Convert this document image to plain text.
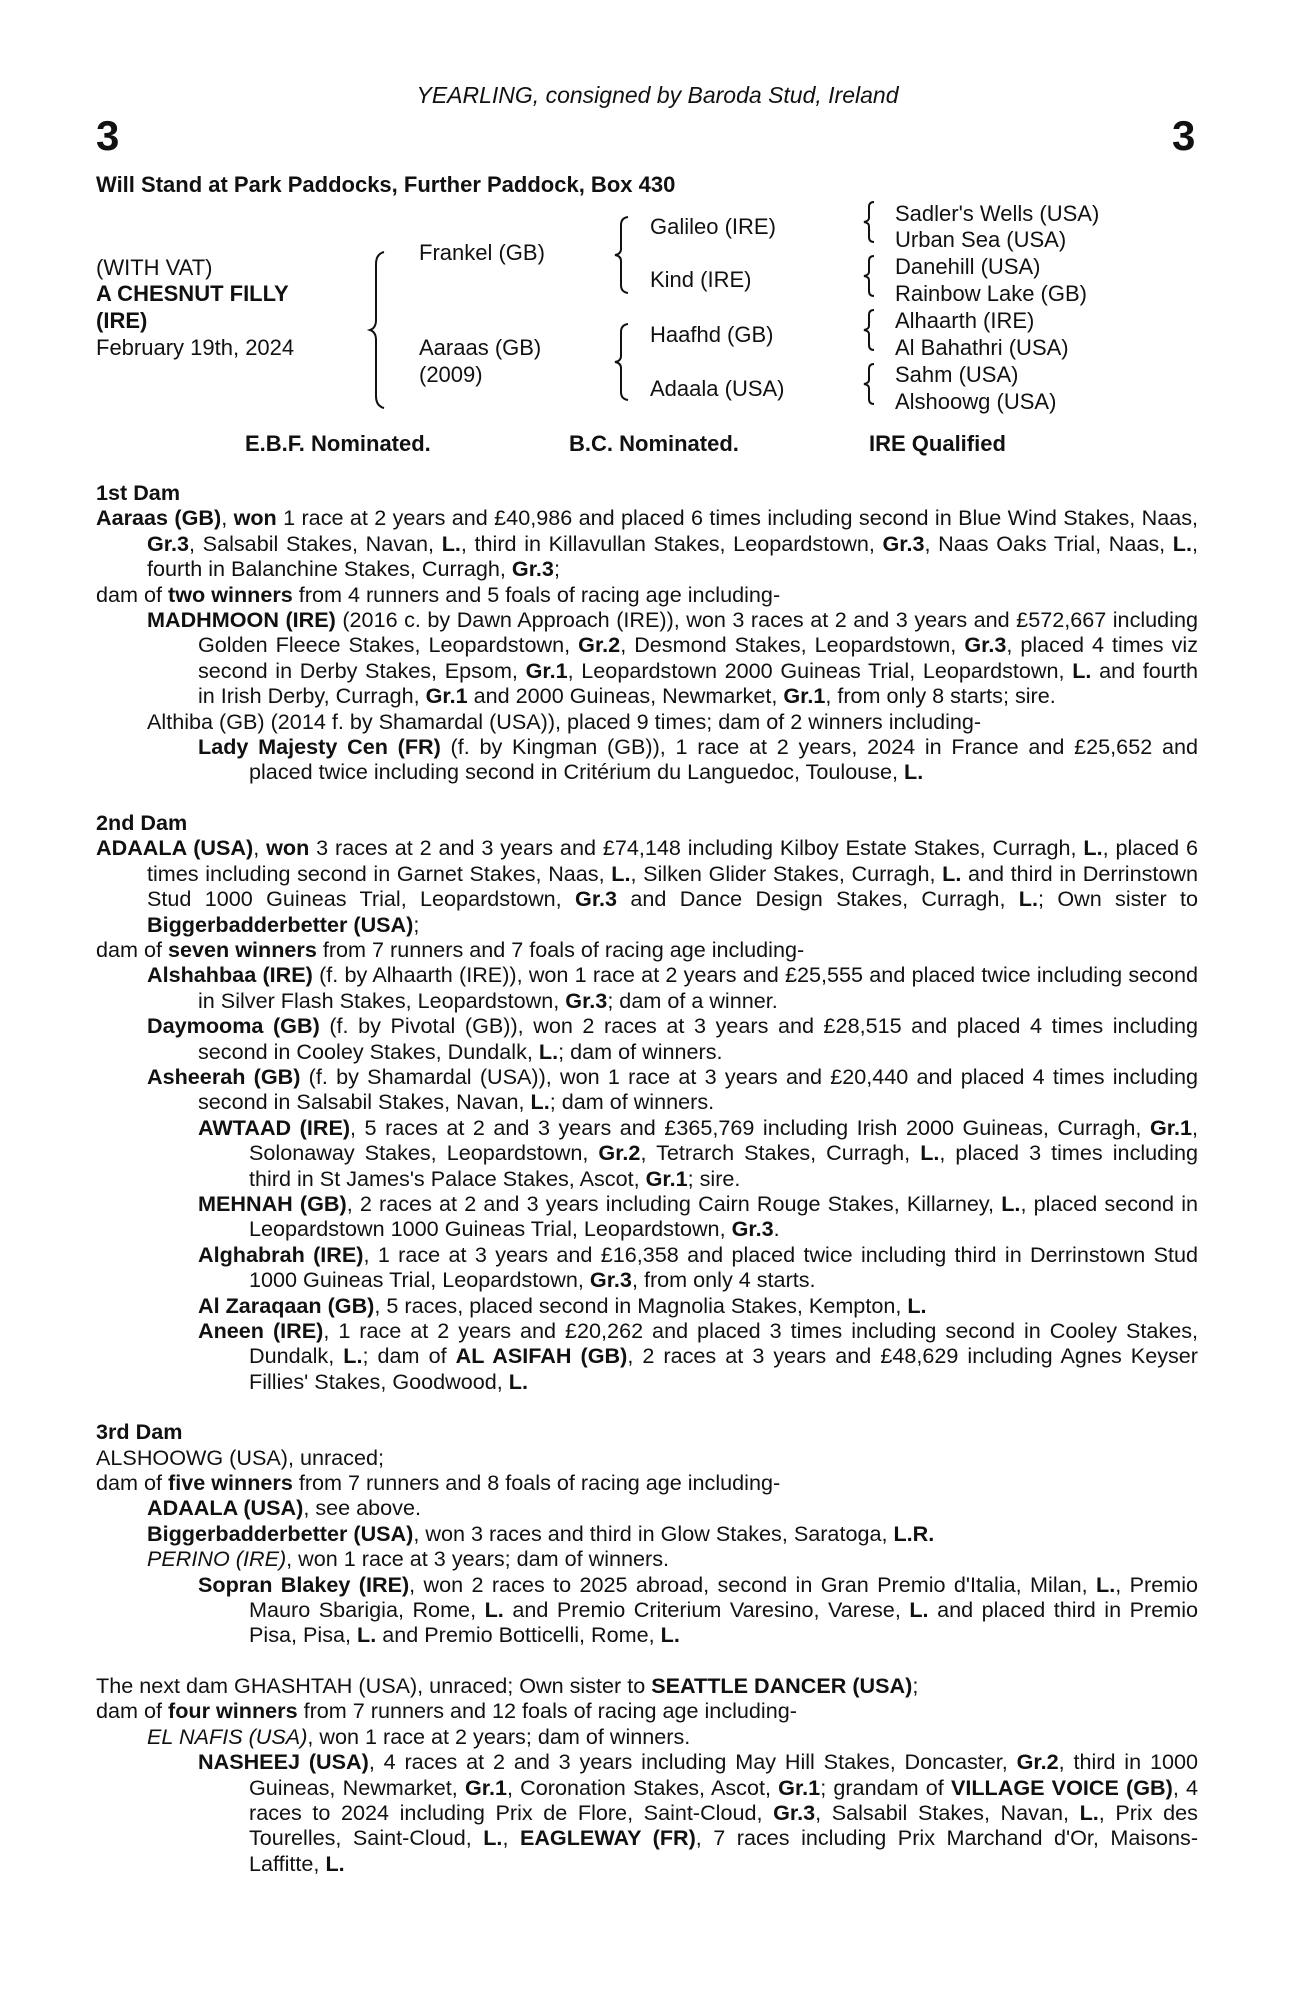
YEARLING, consigned by Baroda Stud, Ireland
3	3
Will Stand at Park Paddocks, Further Paddock, Box 430
(WITH VAT)
A CHESNUT FILLY
(IRE)
February 19th, 2024
Frankel (GB)
Aaraas (GB)
(2009)
Galileo (IRE)
Kind (IRE)
Haafhd (GB)
Adaala (USA)
Sadler's Wells (USA)
Urban Sea (USA)
Danehill (USA)
Rainbow Lake (GB)
Alhaarth (IRE)
Al Bahathri (USA)
Sahm (USA)
Alshoowg (USA)
E.B.F. Nominated.	B.C. Nominated.	IRE Qualified
1st Dam
Aaraas (GB), won 1 race at 2 years and £40,986 and placed 6 times including second in Blue Wind Stakes, Naas, Gr.3, Salsabil Stakes, Navan, L., third in Killavullan Stakes, Leopardstown, Gr.3, Naas Oaks Trial, Naas, L., fourth in Balanchine Stakes, Curragh, Gr.3;
dam of two winners from 4 runners and 5 foals of racing age including-
MADHMOON (IRE) (2016 c. by Dawn Approach (IRE)), won 3 races at 2 and 3 years and £572,667 including Golden Fleece Stakes, Leopardstown, Gr.2, Desmond Stakes, Leopardstown, Gr.3, placed 4 times viz second in Derby Stakes, Epsom, Gr.1, Leopardstown 2000 Guineas Trial, Leopardstown, L. and fourth in Irish Derby, Curragh, Gr.1 and 2000 Guineas, Newmarket, Gr.1, from only 8 starts; sire.
Althiba (GB) (2014 f. by Shamardal (USA)), placed 9 times; dam of 2 winners including-
Lady Majesty Cen (FR) (f. by Kingman (GB)), 1 race at 2 years, 2024 in France and £25,652 and placed twice including second in Critérium du Languedoc, Toulouse, L.
2nd Dam
ADAALA (USA), won 3 races at 2 and 3 years and £74,148 including Kilboy Estate Stakes, Curragh, L., placed 6 times including second in Garnet Stakes, Naas, L., Silken Glider Stakes, Curragh, L. and third in Derrinstown Stud 1000 Guineas Trial, Leopardstown, Gr.3 and Dance Design Stakes, Curragh, L.; Own sister to Biggerbadderbetter (USA);
dam of seven winners from 7 runners and 7 foals of racing age including-
Alshahbaa (IRE) (f. by Alhaarth (IRE)), won 1 race at 2 years and £25,555 and placed twice including second in Silver Flash Stakes, Leopardstown, Gr.3; dam of a winner.
Daymooma (GB) (f. by Pivotal (GB)), won 2 races at 3 years and £28,515 and placed 4 times including second in Cooley Stakes, Dundalk, L.; dam of winners.
Asheerah (GB) (f. by Shamardal (USA)), won 1 race at 3 years and £20,440 and placed 4 times including second in Salsabil Stakes, Navan, L.; dam of winners.
AWTAAD (IRE), 5 races at 2 and 3 years and £365,769 including Irish 2000 Guineas, Curragh, Gr.1, Solonaway Stakes, Leopardstown, Gr.2, Tetrarch Stakes, Curragh, L., placed 3 times including third in St James's Palace Stakes, Ascot, Gr.1; sire.
MEHNAH (GB), 2 races at 2 and 3 years including Cairn Rouge Stakes, Killarney, L., placed second in Leopardstown 1000 Guineas Trial, Leopardstown, Gr.3.
Alghabrah (IRE), 1 race at 3 years and £16,358 and placed twice including third in Derrinstown Stud 1000 Guineas Trial, Leopardstown, Gr.3, from only 4 starts.
Al Zaraqaan (GB), 5 races, placed second in Magnolia Stakes, Kempton, L.
Aneen (IRE), 1 race at 2 years and £20,262 and placed 3 times including second in Cooley Stakes, Dundalk, L.; dam of AL ASIFAH (GB), 2 races at 3 years and £48,629 including Agnes Keyser Fillies' Stakes, Goodwood, L.
3rd Dam
ALSHOOWG (USA), unraced;
dam of five winners from 7 runners and 8 foals of racing age including-
ADAALA (USA), see above.
Biggerbadderbetter (USA), won 3 races and third in Glow Stakes, Saratoga, L.R.
PERINO (IRE), won 1 race at 3 years; dam of winners.
Sopran Blakey (IRE), won 2 races to 2025 abroad, second in Gran Premio d'Italia, Milan, L., Premio Mauro Sbarigia, Rome, L. and Premio Criterium Varesino, Varese, L. and placed third in Premio Pisa, Pisa, L. and Premio Botticelli, Rome, L.
The next dam GHASHTAH (USA), unraced; Own sister to SEATTLE DANCER (USA);
dam of four winners from 7 runners and 12 foals of racing age including-
EL NAFIS (USA), won 1 race at 2 years; dam of winners.
NASHEEJ (USA), 4 races at 2 and 3 years including May Hill Stakes, Doncaster, Gr.2, third in 1000 Guineas, Newmarket, Gr.1, Coronation Stakes, Ascot, Gr.1; grandam of VILLAGE VOICE (GB), 4 races to 2024 including Prix de Flore, Saint-Cloud, Gr.3, Salsabil Stakes, Navan, L., Prix des Tourelles, Saint-Cloud, L., EAGLEWAY (FR), 7 races including Prix Marchand d'Or, Maisons-Laffitte, L.
